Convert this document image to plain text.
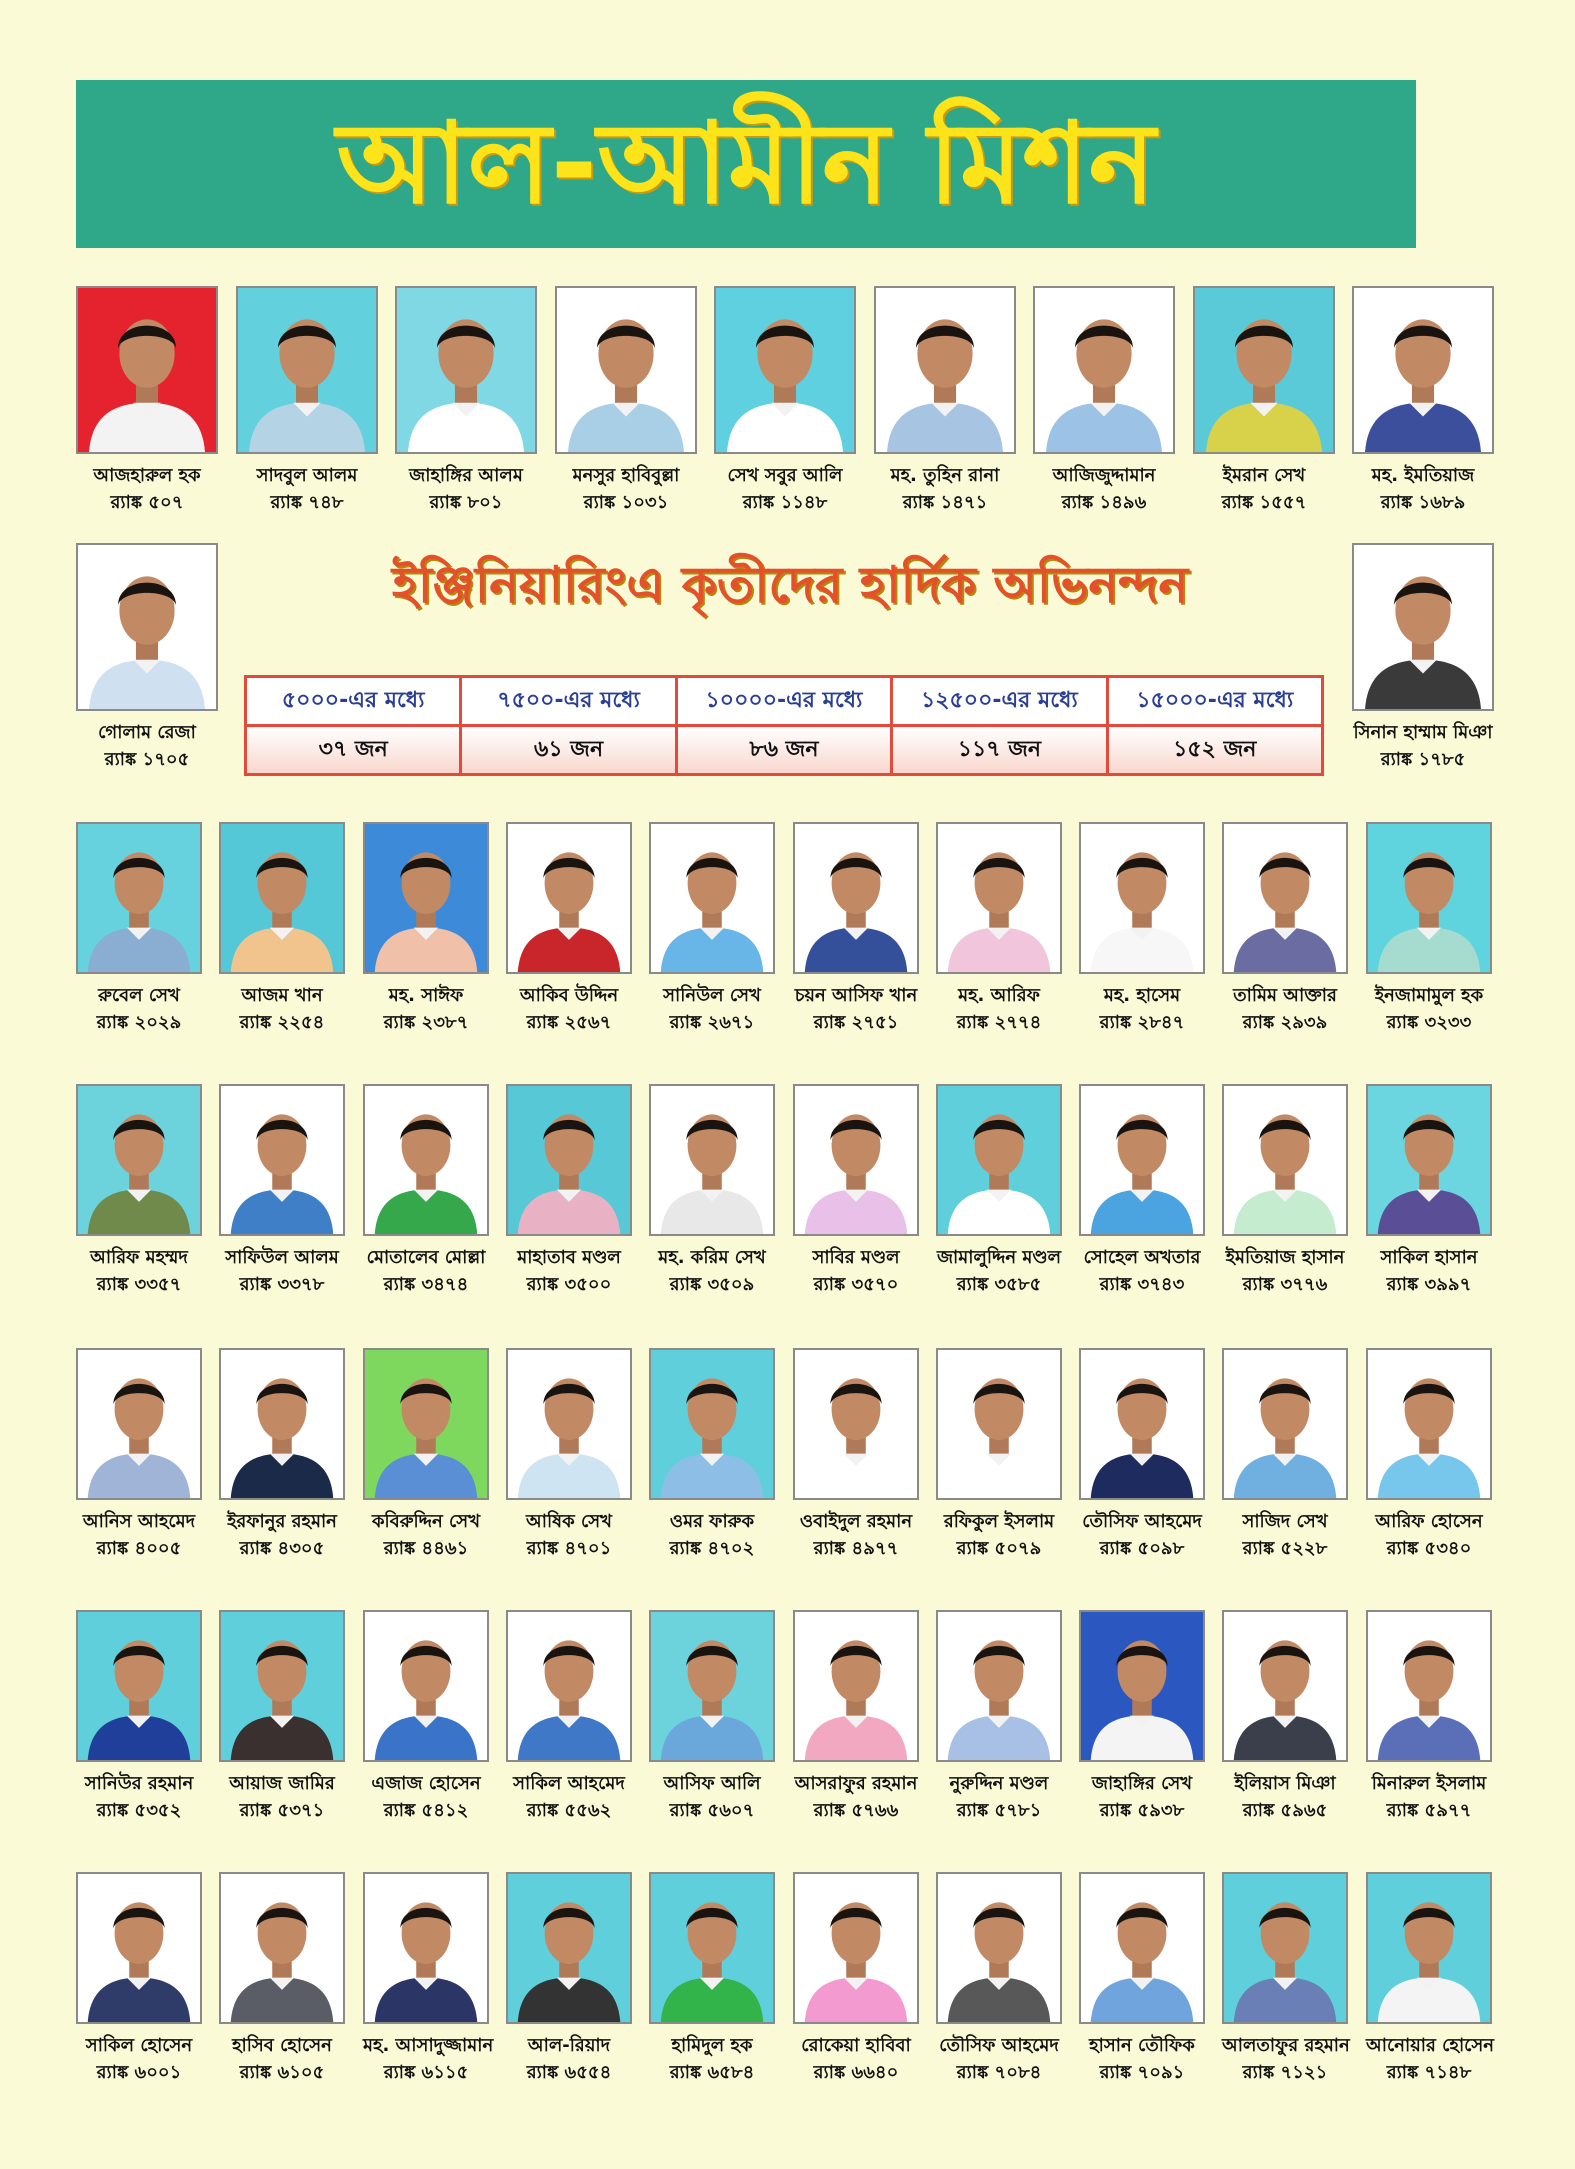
আল-আমীন মিশন
ইঞ্জিনিয়ারিংএ কৃতীদের হার্দিক অভিনন্দন
৫০০০-এর মধ্যে	৭৫০০-এর মধ্যে	১০০০০-এর মধ্যে	১২৫০০-এর মধ্যে	১৫০০০-এর মধ্যে
৩৭ জন	৬১ জন	৮৬ জন	১১৭ জন	১৫২ জন
আজহারুল হক
র‍্যাঙ্ক ৫০৭
সাদবুল আলম
র‍্যাঙ্ক ৭৪৮
জাহাঙ্গির আলম
র‍্যাঙ্ক ৮০১
মনসুর হাবিবুল্লা
র‍্যাঙ্ক ১০৩১
সেখ সবুর আলি
র‍্যাঙ্ক ১১৪৮
মহ. তুহিন রানা
র‍্যাঙ্ক ১৪৭১
আজিজুদ্দামান
র‍্যাঙ্ক ১৪৯৬
ইমরান সেখ
র‍্যাঙ্ক ১৫৫৭
মহ. ইমতিয়াজ
র‍্যাঙ্ক ১৬৮৯
রুবেল সেখ
র‍্যাঙ্ক ২০২৯
আজম খান
র‍্যাঙ্ক ২২৫৪
মহ. সাঈফ
র‍্যাঙ্ক ২৩৮৭
আকিব উদ্দিন
র‍্যাঙ্ক ২৫৬৭
সানিউল সেখ
র‍্যাঙ্ক ২৬৭১
চয়ন আসিফ খান
র‍্যাঙ্ক ২৭৫১
মহ. আরিফ
র‍্যাঙ্ক ২৭৭৪
মহ. হাসেম
র‍্যাঙ্ক ২৮৪৭
তামিম আক্তার
র‍্যাঙ্ক ২৯৩৯
ইনজামামুল হক
র‍্যাঙ্ক ৩২৩৩
আরিফ মহম্মদ
র‍্যাঙ্ক ৩৩৫৭
সাফিউল আলম
র‍্যাঙ্ক ৩৩৭৮
মোতালেব মোল্লা
র‍্যাঙ্ক ৩৪৭৪
মাহাতাব মণ্ডল
র‍্যাঙ্ক ৩৫০০
মহ. করিম সেখ
র‍্যাঙ্ক ৩৫০৯
সাবির মণ্ডল
র‍্যাঙ্ক ৩৫৭০
জামালুদ্দিন মণ্ডল
র‍্যাঙ্ক ৩৫৮৫
সোহেল অখতার
র‍্যাঙ্ক ৩৭৪৩
ইমতিয়াজ হাসান
র‍্যাঙ্ক ৩৭৭৬
সাকিল হাসান
র‍্যাঙ্ক ৩৯৯৭
আনিস আহমেদ
র‍্যাঙ্ক ৪০০৫
ইরফানুর রহমান
র‍্যাঙ্ক ৪৩০৫
কবিরুদ্দিন সেখ
র‍্যাঙ্ক ৪৪৬১
আষিক সেখ
র‍্যাঙ্ক ৪৭০১
ওমর ফারুক
র‍্যাঙ্ক ৪৭০২
ওবাইদুল রহমান
র‍্যাঙ্ক ৪৯৭৭
রফিকুল ইসলাম
র‍্যাঙ্ক ৫০৭৯
তৌসিফ আহমেদ
র‍্যাঙ্ক ৫০৯৮
সাজিদ সেখ
র‍্যাঙ্ক ৫২২৮
আরিফ হোসেন
র‍্যাঙ্ক ৫৩৪০
সানিউর রহমান
র‍্যাঙ্ক ৫৩৫২
আয়াজ জামির
র‍্যাঙ্ক ৫৩৭১
এজাজ হোসেন
র‍্যাঙ্ক ৫৪১২
সাকিল আহমেদ
র‍্যাঙ্ক ৫৫৬২
আসিফ আলি
র‍্যাঙ্ক ৫৬০৭
আসরাফুর রহমান
র‍্যাঙ্ক ৫৭৬৬
নুরুদ্দিন মণ্ডল
র‍্যাঙ্ক ৫৭৮১
জাহাঙ্গির সেখ
র‍্যাঙ্ক ৫৯৩৮
ইলিয়াস মিঞা
র‍্যাঙ্ক ৫৯৬৫
মিনারুল ইসলাম
র‍্যাঙ্ক ৫৯৭৭
সাকিল হোসেন
র‍্যাঙ্ক ৬০০১
হাসিব হোসেন
র‍্যাঙ্ক ৬১০৫
মহ. আসাদুজ্জামান
র‍্যাঙ্ক ৬১১৫
আল-রিয়াদ
র‍্যাঙ্ক ৬৫৫৪
হামিদুল হক
র‍্যাঙ্ক ৬৫৮৪
রোকেয়া হাবিবা
র‍্যাঙ্ক ৬৬৪০
তৌসিফ আহমেদ
র‍্যাঙ্ক ৭০৮৪
হাসান তৌফিক
র‍্যাঙ্ক ৭০৯১
আলতাফুর রহমান
র‍্যাঙ্ক ৭১২১
আনোয়ার হোসেন
র‍্যাঙ্ক ৭১৪৮
গোলাম রেজা
র‍্যাঙ্ক ১৭০৫
সিনান হাম্মাম মিঞা
র‍্যাঙ্ক ১৭৮৫
